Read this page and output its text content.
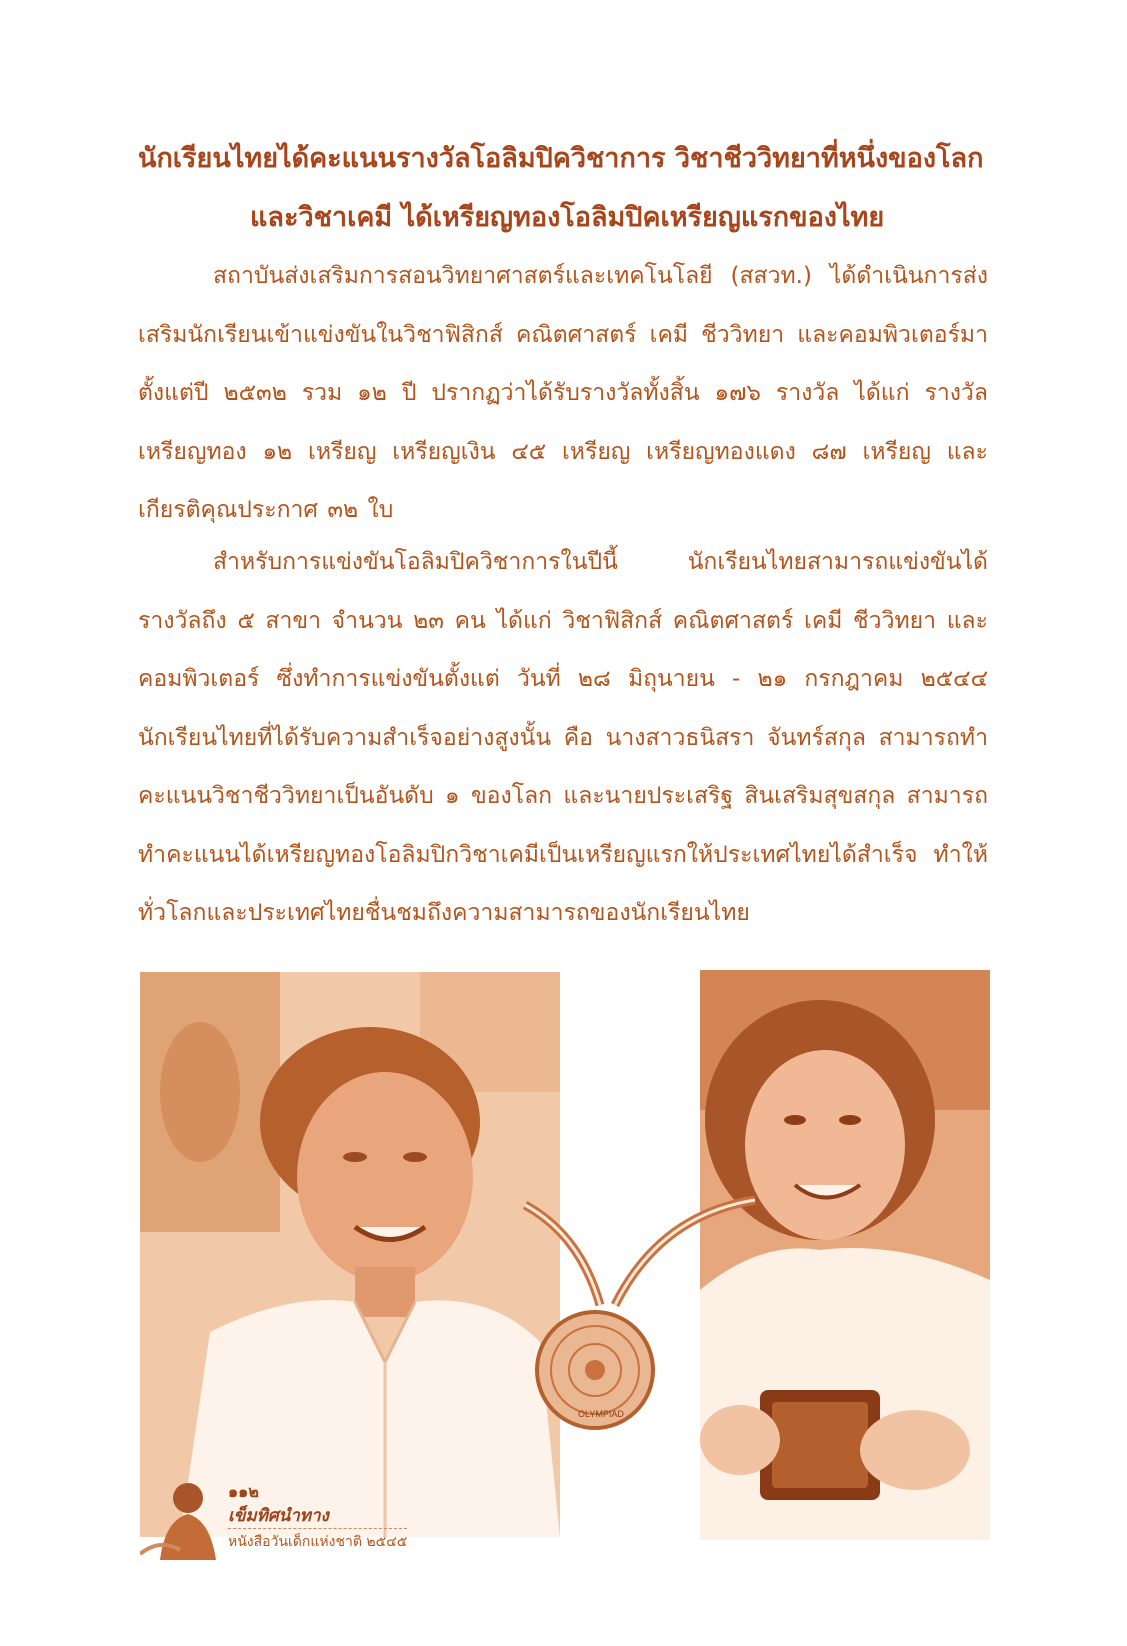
นักเรียนไทยได้คะแนนรางวัลโอลิมปิควิชาการ วิชาชีววิทยาที่หนึ่งของโลก
และวิชาเคมี ได้เหรียญทองโอลิมปิคเหรียญแรกของไทย

สถาบันส่งเสริมการสอนวิทยาศาสตร์และเทคโนโลยี (สสวท.) ได้ดำเนินการส่งเสริมนักเรียนเข้าแข่งขันในวิชาฟิสิกส์ คณิตศาสตร์ เคมี ชีววิทยา และคอมพิวเตอร์มาตั้งแต่ปี ๒๕๓๒ รวม ๑๒ ปี ปรากฏว่าได้รับรางวัลทั้งสิ้น ๑๗๖ รางวัล ได้แก่ รางวัลเหรียญทอง ๑๒ เหรียญ เหรียญเงิน ๔๕ เหรียญ เหรียญทองแดง ๘๗ เหรียญ และเกียรติคุณประกาศ ๓๒ ใบ

สำหรับการแข่งขันโอลิมปิควิชาการในปีนี้ นักเรียนไทยสามารถแข่งขันได้รางวัลถึง ๕ สาขา จำนวน ๒๓ คน ได้แก่ วิชาฟิสิกส์ คณิตศาสตร์ เคมี ชีววิทยา และคอมพิวเตอร์ ซึ่งทำการแข่งขันตั้งแต่ วันที่ ๒๘ มิถุนายน - ๒๑ กรกฎาคม ๒๕๔๔ นักเรียนไทยที่ได้รับความสำเร็จอย่างสูงนั้น คือ นางสาวธนิสรา จันทร์สกุล สามารถทำคะแนนวิชาชีววิทยาเป็นอันดับ ๑ ของโลก และนายประเสริฐ สินเสริมสุขสกุล สามารถทำคะแนนได้เหรียญทองโอลิมปิกวิชาเคมีเป็นเหรียญแรกให้ประเทศไทยได้สำเร็จ ทำให้ทั่วโลกและประเทศไทยชื่นชมถึงความสามารถของนักเรียนไทย

OLYMPIAD
๑๑๒
เข็มทิศนำทาง
หนังสือวันเด็กแห่งชาติ ๒๕๔๕
